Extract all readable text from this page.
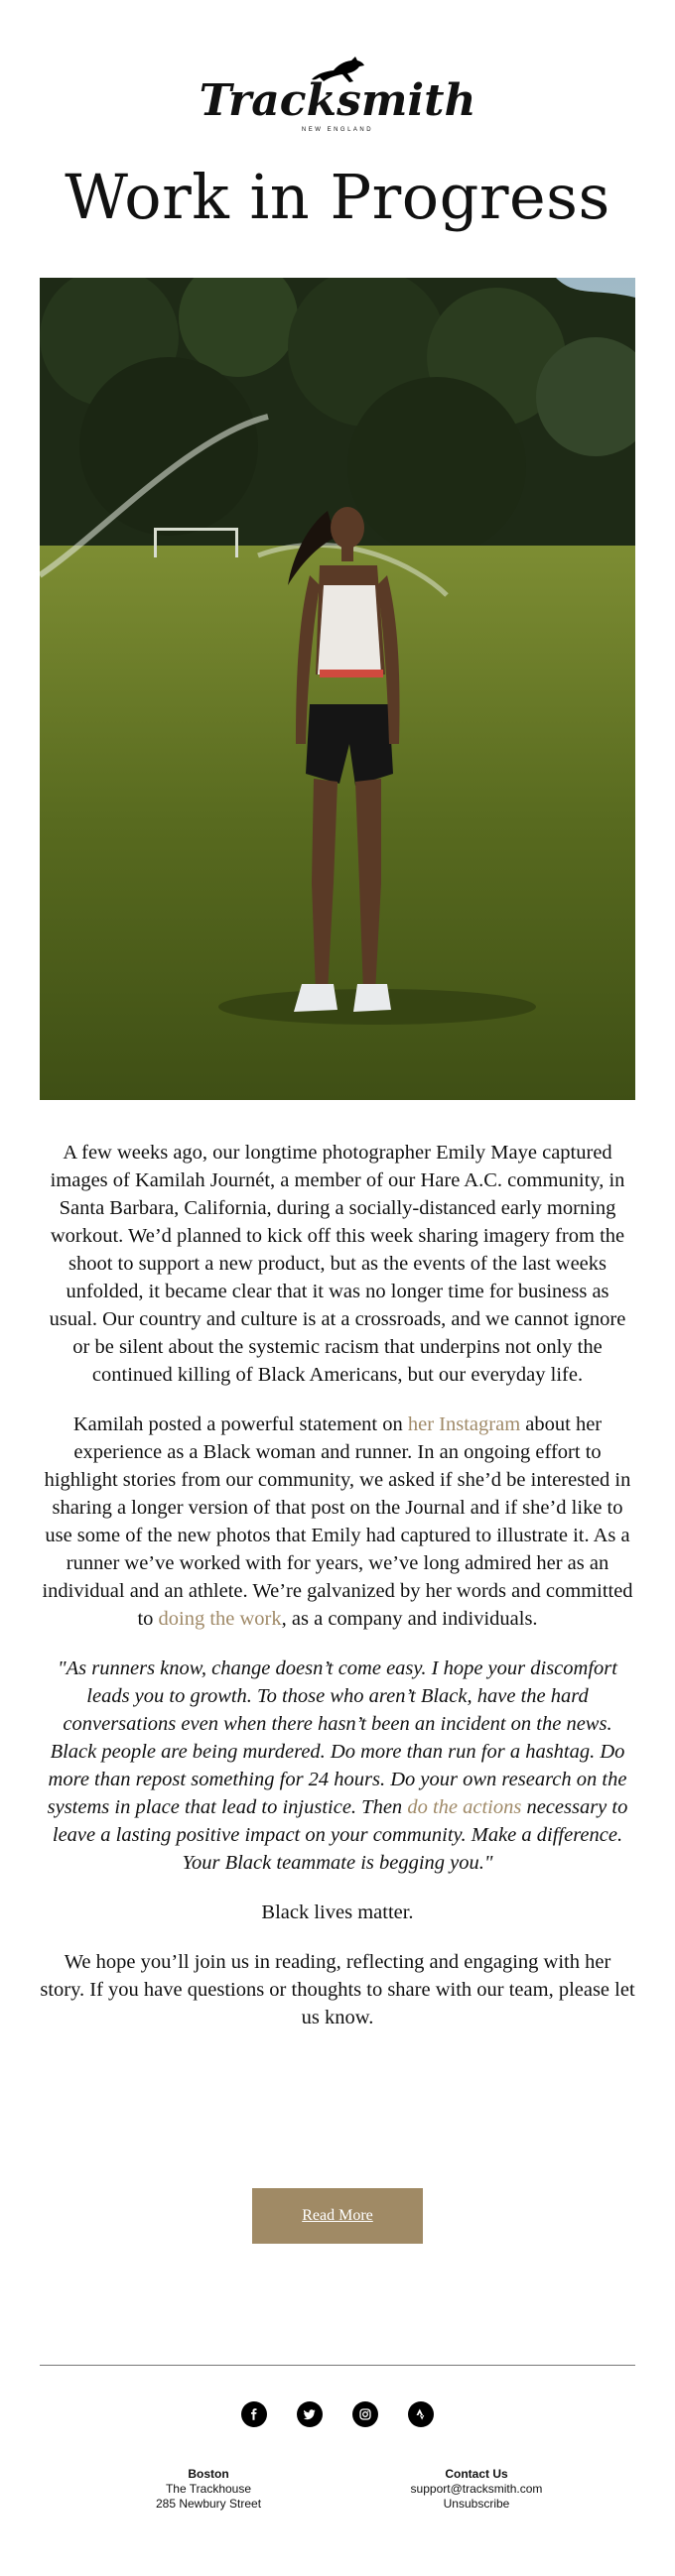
Tracksmith
NEW ENGLAND
Work in Progress

A few weeks ago, our longtime photographer Emily Maye captured images of Kamilah Journét, a member of our Hare A.C. community, in Santa Barbara, California, during a socially-distanced early morning workout. We’d planned to kick off this week sharing imagery from the shoot to support a new product, but as the events of the last weeks unfolded, it became clear that it was no longer time for business as usual. Our country and culture is at a crossroads, and we cannot ignore or be silent about the systemic racism that underpins not only the continued killing of Black Americans, but our everyday life.

Kamilah posted a powerful statement on her Instagram about her experience as a Black woman and runner. In an ongoing effort to highlight stories from our community, we asked if she’d be interested in sharing a longer version of that post on the Journal and if she’d like to use some of the new photos that Emily had captured to illustrate it. As a runner we’ve worked with for years, we’ve long admired her as an individual and an athlete. We’re galvanized by her words and committed to doing the work, as a company and individuals.

"As runners know, change doesn’t come easy. I hope your discomfort leads you to growth. To those who aren’t Black, have the hard conversations even when there hasn’t been an incident on the news. Black people are being murdered. Do more than run for a hashtag. Do more than repost something for 24 hours. Do your own research on the systems in place that lead to injustice. Then do the actions necessary to leave a lasting positive impact on your community. Make a difference. Your Black teammate is begging you."

Black lives matter.

We hope you’ll join us in reading, reflecting and engaging with her story. If you have questions or thoughts to share with our team, please let us know.

Read More
Boston
The Trackhouse
285 Newbury Street
Contact Us
support@tracksmith.com
Unsubscribe
